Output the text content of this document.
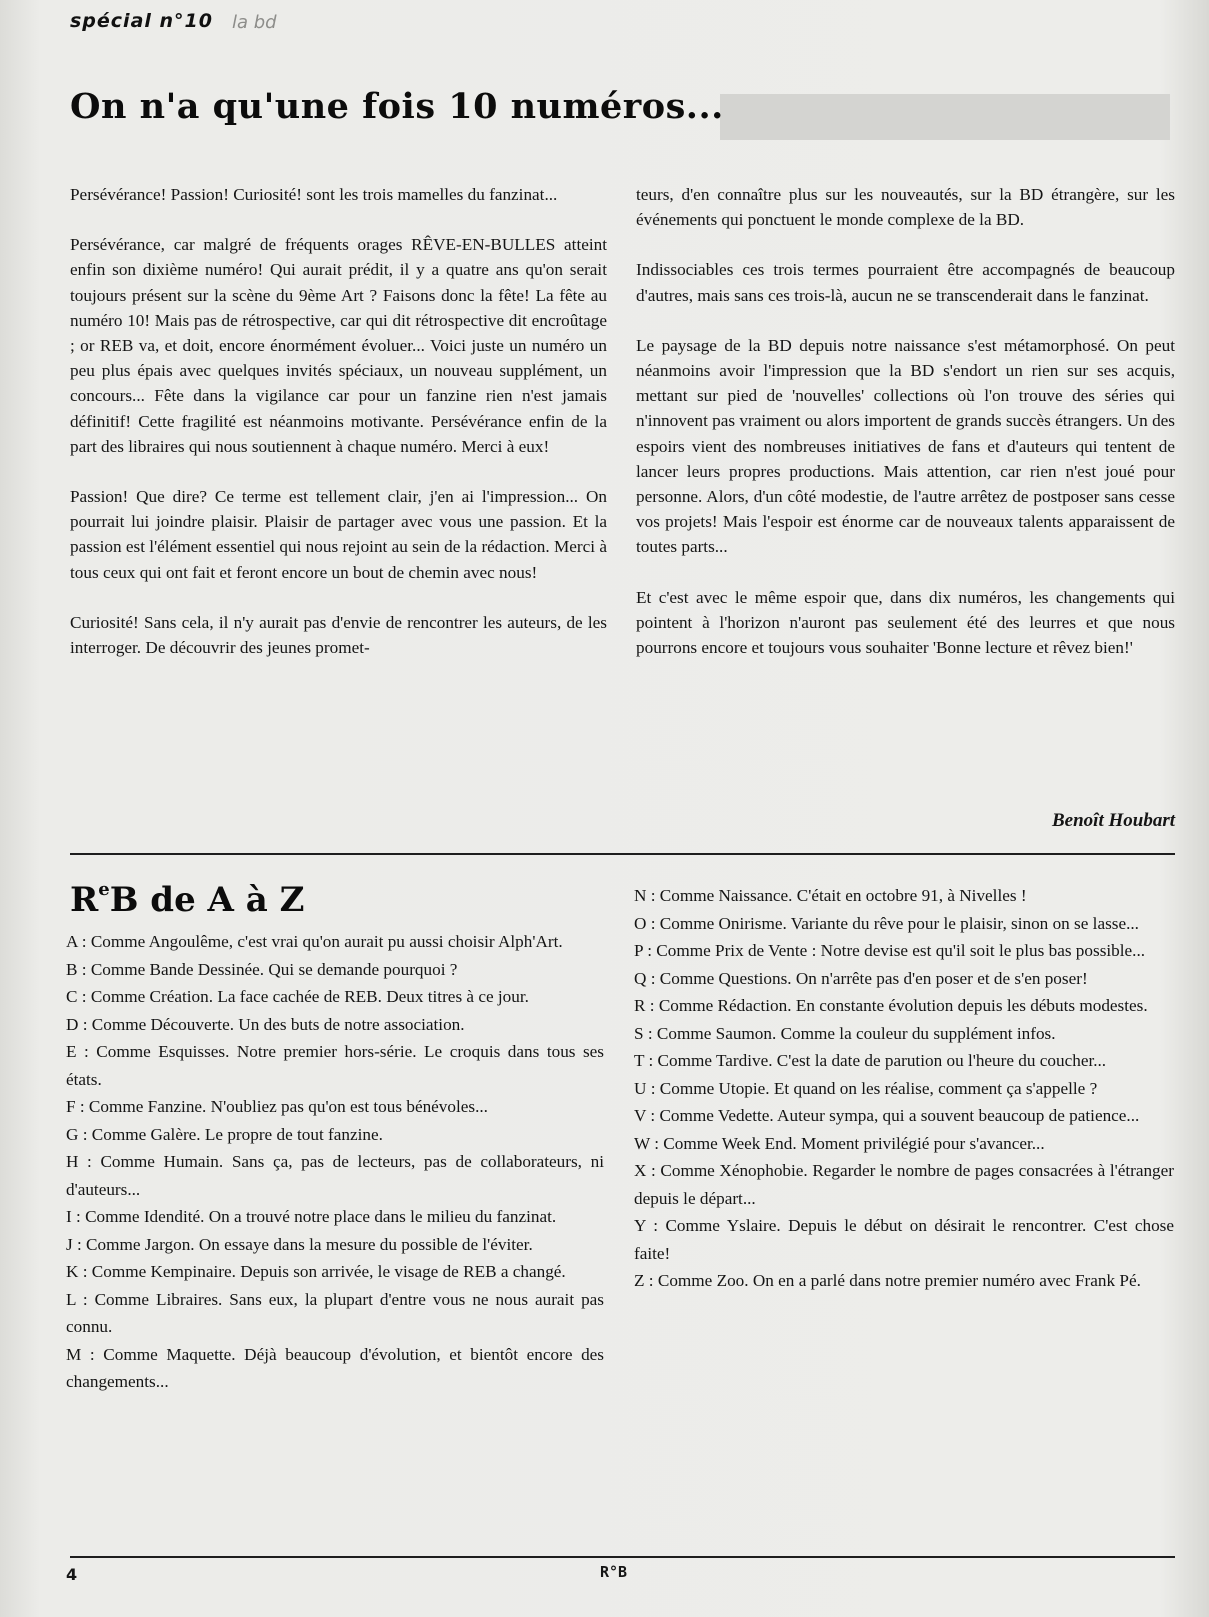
spécial n°10 la bd
On n'a qu'une fois 10 numéros...

Persévérance! Passion! Curiosité! sont les trois mamelles du fanzinat...

Persévérance, car malgré de fréquents orages RÊVE-EN-BULLES atteint enfin son dixième numéro! Qui aurait prédit, il y a quatre ans qu'on serait toujours présent sur la scène du 9ème Art ? Faisons donc la fête! La fête au numéro 10! Mais pas de rétrospective, car qui dit rétrospective dit encroûtage ; or REB va, et doit, encore énormément évoluer... Voici juste un numéro un peu plus épais avec quelques invités spéciaux, un nouveau supplément, un concours... Fête dans la vigilance car pour un fanzine rien n'est jamais définitif! Cette fragilité est néanmoins motivante. Persévérance enfin de la part des libraires qui nous soutiennent à chaque numéro. Merci à eux!

Passion! Que dire? Ce terme est tellement clair, j'en ai l'impression... On pourrait lui joindre plaisir. Plaisir de partager avec vous une passion. Et la passion est l'élément essentiel qui nous rejoint au sein de la rédaction. Merci à tous ceux qui ont fait et feront encore un bout de chemin avec nous!

Curiosité! Sans cela, il n'y aurait pas d'envie de rencontrer les auteurs, de les interroger. De découvrir des jeunes promet-

teurs, d'en connaître plus sur les nouveautés, sur la BD étrangère, sur les événements qui ponctuent le monde complexe de la BD.

Indissociables ces trois termes pourraient être accompagnés de beaucoup d'autres, mais sans ces trois-là, aucun ne se transcenderait dans le fanzinat.

Le paysage de la BD depuis notre naissance s'est métamorphosé. On peut néanmoins avoir l'impression que la BD s'endort un rien sur ses acquis, mettant sur pied de 'nouvelles' collections où l'on trouve des séries qui n'innovent pas vraiment ou alors importent de grands succès étrangers. Un des espoirs vient des nombreuses initiatives de fans et d'auteurs qui tentent de lancer leurs propres productions. Mais attention, car rien n'est joué pour personne. Alors, d'un côté modestie, de l'autre arrêtez de postposer sans cesse vos projets! Mais l'espoir est énorme car de nouveaux talents apparaissent de toutes parts...

Et c'est avec le même espoir que, dans dix numéros, les changements qui pointent à l'horizon n'auront pas seulement été des leurres et que nous pourrons encore et toujours vous souhaiter 'Bonne lecture et rêvez bien!'

Benoît Houbart
$R^eB$ de A à Z

A : Comme Angoulême, c'est vrai qu'on aurait pu aussi choisir Alph'Art.

B : Comme Bande Dessinée. Qui se demande pourquoi ?

C : Comme Création. La face cachée de REB. Deux titres à ce jour.

D : Comme Découverte. Un des buts de notre association.

E : Comme Esquisses. Notre premier hors-série. Le croquis dans tous ses états.

F : Comme Fanzine. N'oubliez pas qu'on est tous bénévoles...

G : Comme Galère. Le propre de tout fanzine.

H : Comme Humain. Sans ça, pas de lecteurs, pas de collaborateurs, ni d'auteurs...

I : Comme Idendité. On a trouvé notre place dans le milieu du fanzinat.

J : Comme Jargon. On essaye dans la mesure du possible de l'éviter.

K : Comme Kempinaire. Depuis son arrivée, le visage de REB a changé.

L : Comme Libraires. Sans eux, la plupart d'entre vous ne nous aurait pas connu.

M : Comme Maquette. Déjà beaucoup d'évolution, et bientôt encore des changements...

N : Comme Naissance. C'était en octobre 91, à Nivelles !

O : Comme Onirisme. Variante du rêve pour le plaisir, sinon on se lasse...

P : Comme Prix de Vente : Notre devise est qu'il soit le plus bas possible...

Q : Comme Questions. On n'arrête pas d'en poser et de s'en poser!

R : Comme Rédaction. En constante évolution depuis les débuts modestes.

S : Comme Saumon. Comme la couleur du supplément infos.

T : Comme Tardive. C'est la date de parution ou l'heure du coucher...

U : Comme Utopie. Et quand on les réalise, comment ça s'appelle ?

V : Comme Vedette. Auteur sympa, qui a souvent beaucoup de patience...

W : Comme Week End. Moment privilégié pour s'avancer...

X : Comme Xénophobie. Regarder le nombre de pages consacrées à l'étranger depuis le départ...

Y : Comme Yslaire. Depuis le début on désirait le rencontrer. C'est chose faite!

Z : Comme Zoo. On en a parlé dans notre premier numéro avec Frank Pé.

4	R°B
